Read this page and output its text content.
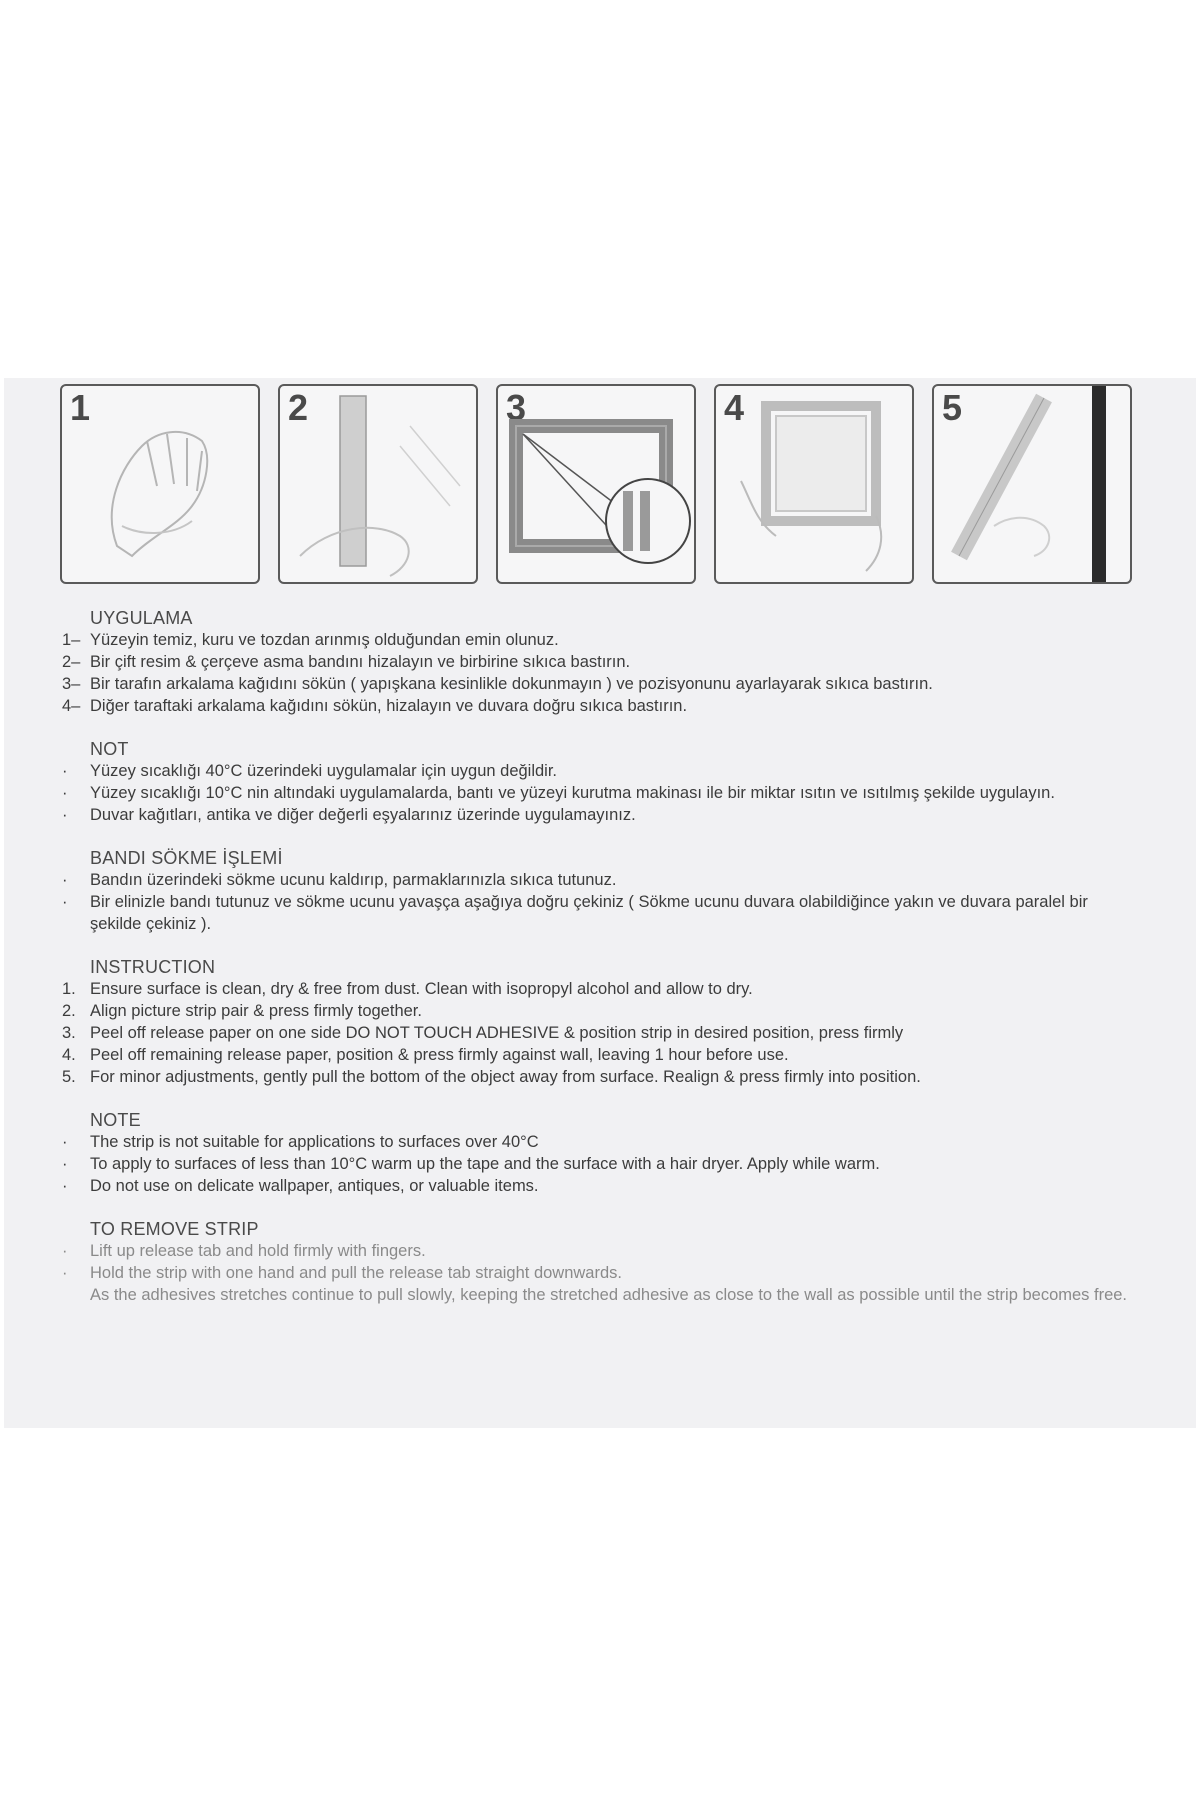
1	2	3	4	5
UYGULAMA
1– Yüzeyin temiz, kuru ve tozdan arınmış olduğundan emin olunuz.
2– Bir çift resim & çerçeve asma bandını hizalayın ve birbirine sıkıca bastırın.
3– Bir tarafın arkalama kağıdını sökün ( yapışkana kesinlikle dokunmayın ) ve pozisyonunu ayarlayarak sıkıca bastırın.
4– Diğer taraftaki arkalama kağıdını sökün, hizalayın ve duvara doğru sıkıca bastırın.
NOT
·	Yüzey sıcaklığı 40°C üzerindeki uygulamalar için uygun değildir.
·	Yüzey sıcaklığı 10°C nin altındaki uygulamalarda, bantı ve yüzeyi kurutma makinası ile bir miktar ısıtın ve ısıtılmış şekilde uygulayın.
·	Duvar kağıtları, antika ve diğer değerli eşyalarınız üzerinde uygulamayınız.
BANDI SÖKME İŞLEMİ
·	Bandın üzerindeki sökme ucunu kaldırıp, parmaklarınızla sıkıca tutunuz.
·	Bir elinizle bandı tutunuz ve sökme ucunu yavaşça aşağıya doğru çekiniz ( Sökme ucunu duvara olabildiğince yakın ve duvara paralel bir şekilde çekiniz ).
INSTRUCTION
1. Ensure surface is clean, dry & free from dust. Clean with isopropyl alcohol and allow to dry.
2. Align picture strip pair & press firmly together.
3. Peel off release paper on one side DO NOT TOUCH ADHESIVE & position strip in desired position, press firmly
4. Peel off remaining release paper, position & press firmly against wall, leaving 1 hour before use.
5. For minor adjustments, gently pull the bottom of the object away from surface. Realign & press firmly into position.
NOTE
·	The strip is not suitable for applications to surfaces over 40°C
·	To apply to surfaces of less than 10°C warm up the tape and the surface with a hair dryer. Apply while warm.
·	Do not use on delicate wallpaper, antiques, or valuable items.
TO REMOVE STRIP
·	Lift up release tab and hold firmly with fingers.
·	Hold the strip with one hand and pull the release tab straight downwards.
As the adhesives stretches continue to pull slowly, keeping the stretched adhesive as close to the wall as possible until the strip becomes free.
